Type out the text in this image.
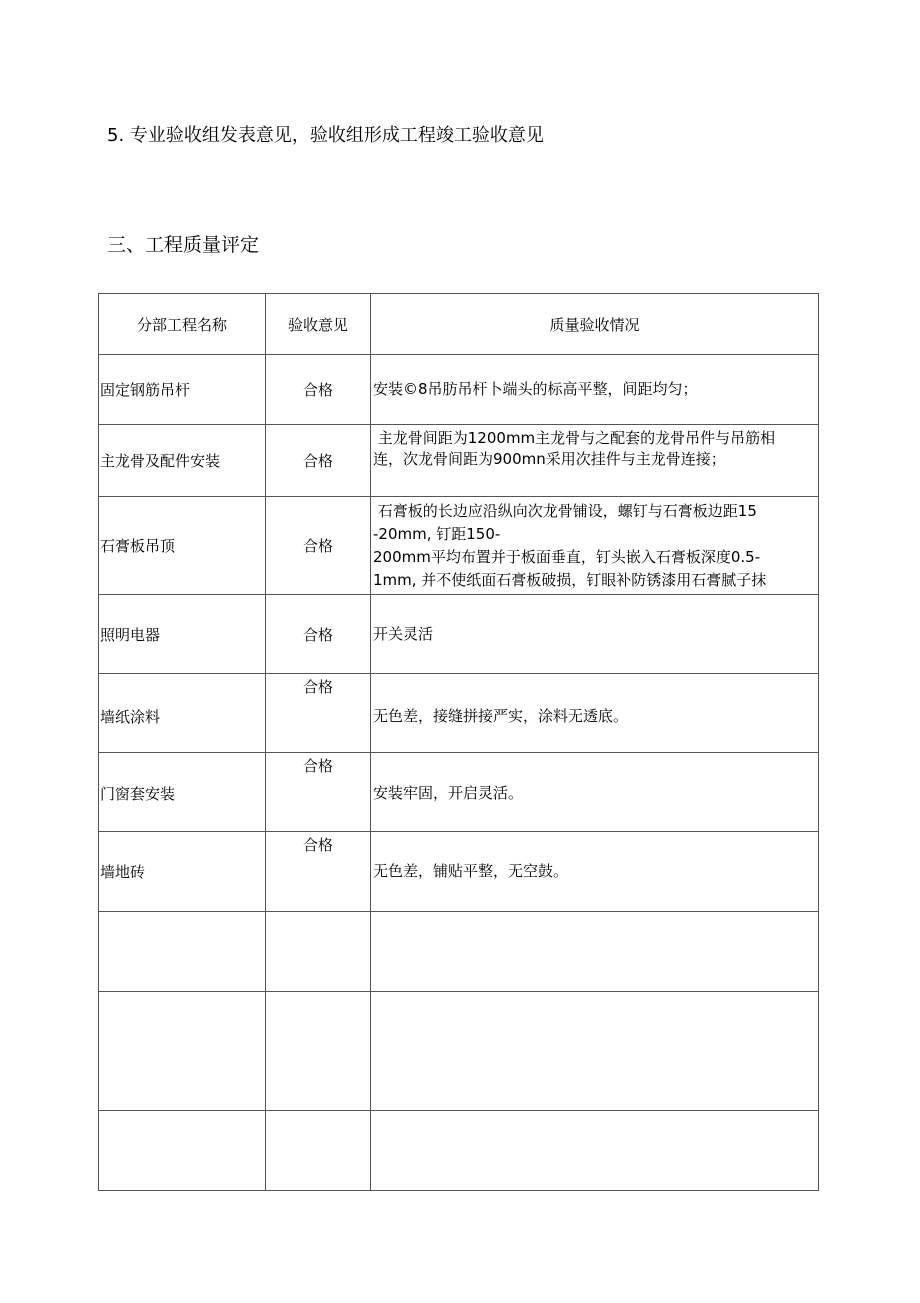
5. 专业验收组发表意见，验收组形成工程竣工验收意见
三、工程质量评定
分部工程名称	验收意见	质量验收情况
固定钢筋吊杆	合格	安装©8吊肪吊杆卜端头的标高平整，间距均匀；

主龙骨及配件安装	合格	主龙骨间距为1200mm主龙骨与之配套的龙骨吊件与吊筋相
连，次龙骨间距为900mn采用次挂件与主龙骨连接；

石膏板吊顶	合格	石膏板的长边应沿纵向次龙骨铺设，螺钉与石膏板边距15
-20mm, 钉距150-
200mm平均布置并于板面垂直，钉头嵌入石膏板深度0.5-
1mm, 并不使纸面石膏板破损，钉眼补防锈漆用石膏腻子抹

照明电器	合格	开关灵活

墙纸涂料	合格	无色差，接缝拼接严实，涂料无透底。

门窗套安装	合格	安装牢固，开启灵活。

墙地砖	合格	无色差，铺贴平整，无空鼓。
